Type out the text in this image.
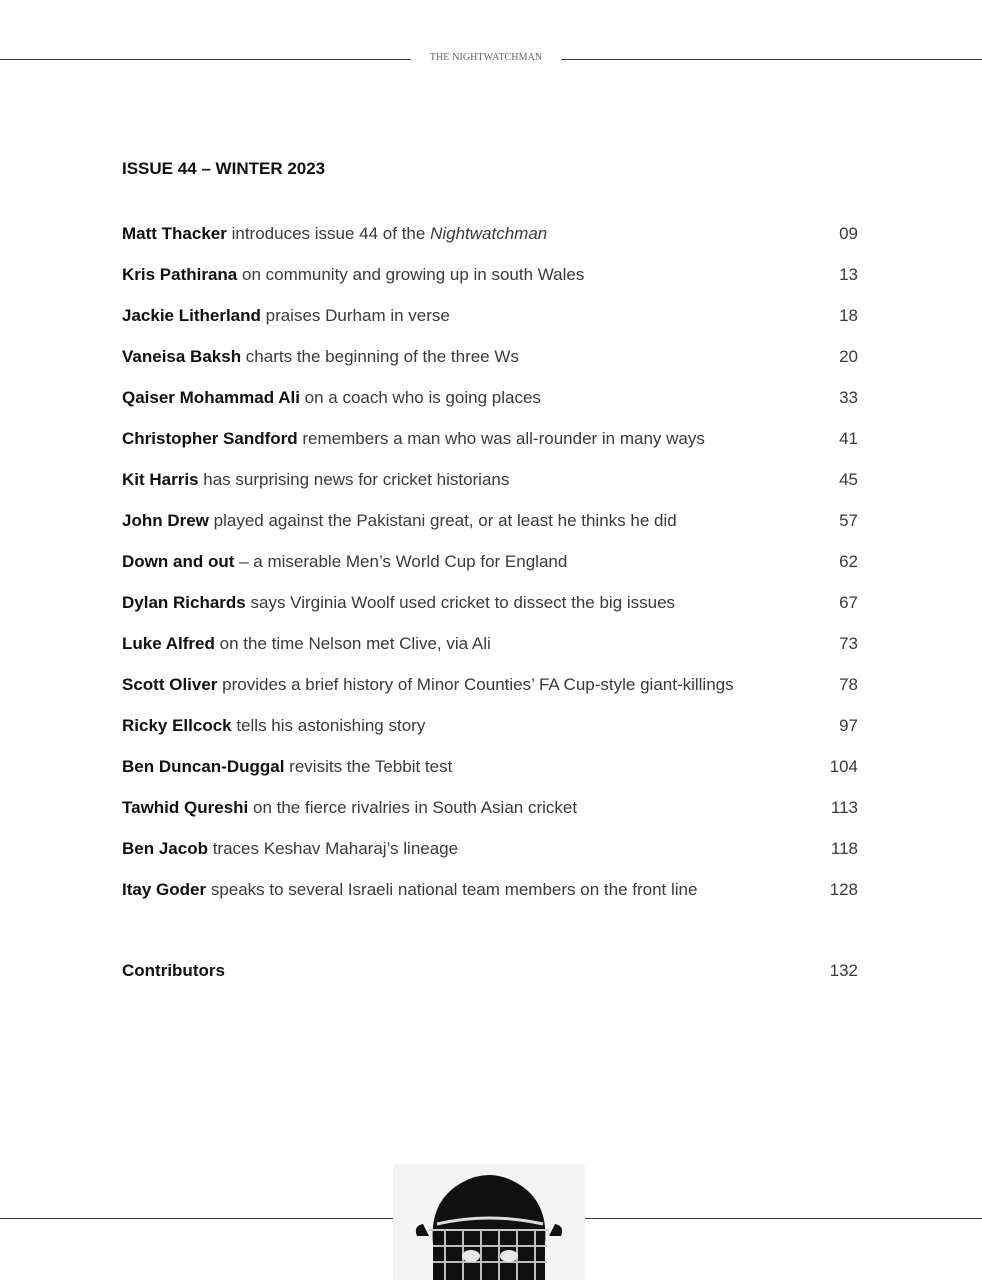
THE NIGHTWATCHMAN
ISSUE 44 – WINTER 2023
Matt Thacker introduces issue 44 of the Nightwatchman	09
Kris Pathirana on community and growing up in south Wales	13
Jackie Litherland praises Durham in verse	18
Vaneisa Baksh charts the beginning of the three Ws	20
Qaiser Mohammad Ali on a coach who is going places	33
Christopher Sandford remembers a man who was all-rounder in many ways	41
Kit Harris has surprising news for cricket historians	45
John Drew played against the Pakistani great, or at least he thinks he did	57
Down and out – a miserable Men’s World Cup for England	62
Dylan Richards says Virginia Woolf used cricket to dissect the big issues	67
Luke Alfred on the time Nelson met Clive, via Ali	73
Scott Oliver provides a brief history of Minor Counties’ FA Cup-style giant-killings	78
Ricky Ellcock tells his astonishing story	97
Ben Duncan-Duggal revisits the Tebbit test	104
Tawhid Qureshi on the fierce rivalries in South Asian cricket	113
Ben Jacob traces Keshav Maharaj’s lineage	118
Itay Goder speaks to several Israeli national team members on the front line	128
Contributors	132
